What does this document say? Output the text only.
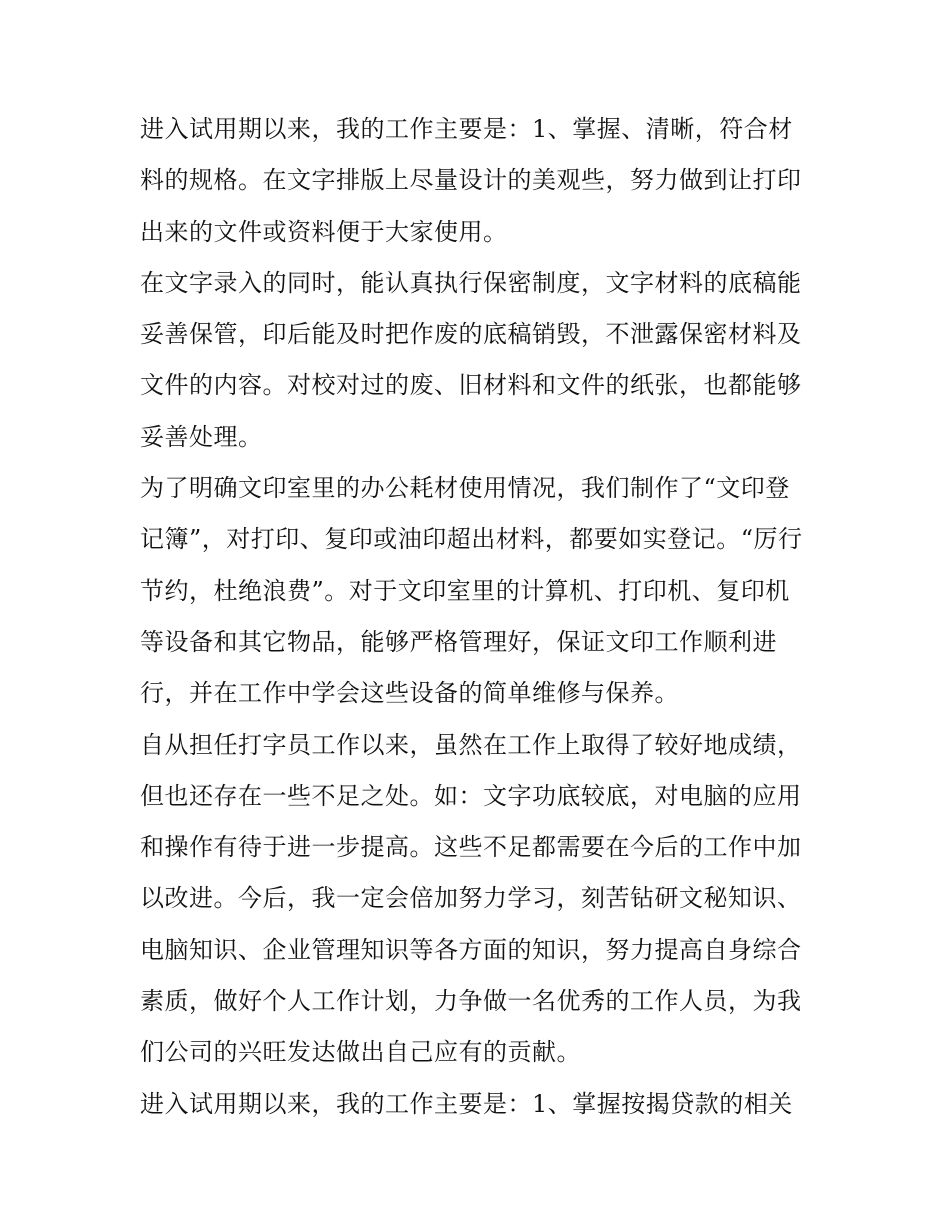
进入试用期以来，我的工作主要是：1、掌握、清晰，符合材
料的规格。在文字排版上尽量设计的美观些，努力做到让打印
出来的文件或资料便于大家使用。
在文字录入的同时，能认真执行保密制度，文字材料的底稿能
妥善保管，印后能及时把作废的底稿销毁，不泄露保密材料及
文件的内容。对校对过的废、旧材料和文件的纸张，也都能够
妥善处理。
为了明确文印室里的办公耗材使用情况，我们制作了“文印登
记簿”，对打印、复印或油印超出材料，都要如实登记。“厉行
节约，杜绝浪费”。对于文印室里的计算机、打印机、复印机
等设备和其它物品，能够严格管理好，保证文印工作顺利进
行，并在工作中学会这些设备的简单维修与保养。
自从担任打字员工作以来，虽然在工作上取得了较好地成绩，
但也还存在一些不足之处。如：文字功底较底，对电脑的应用
和操作有待于进一步提高。这些不足都需要在今后的工作中加
以改进。今后，我一定会倍加努力学习，刻苦钻研文秘知识、
电脑知识、企业管理知识等各方面的知识，努力提高自身综合
素质，做好个人工作计划，力争做一名优秀的工作人员，为我
们公司的兴旺发达做出自己应有的贡献。
进入试用期以来，我的工作主要是：1、掌握按揭贷款的相关
